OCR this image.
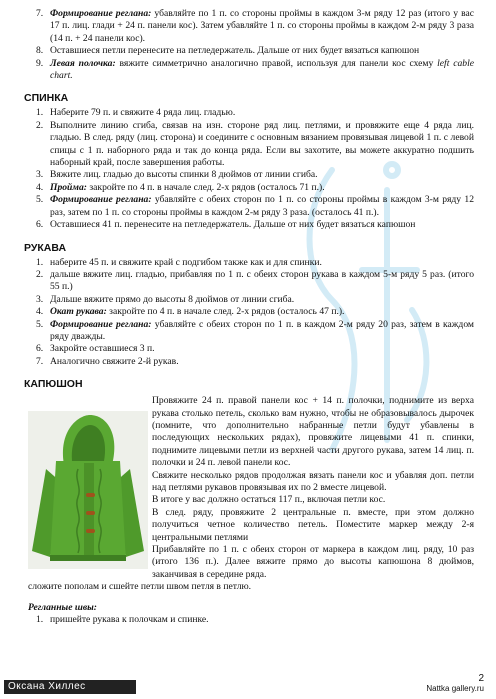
7. Формирование реглана: убавляйте по 1 п. со стороны проймы в каждом 3-м ряду 12 раз (итого у вас 17 п. лиц. глади + 24 п. панели кос). Затем убавляйте 1 п. со стороны проймы в каждом 2-м ряду 3 раза (14 п. + 24 панели кос).
8. Оставшиеся петли перенесите на петледержатель. Дальше от них будет вязаться капюшон
9. Левая полочка: вяжите симметрично аналогично правой, используя для панели кос схему left cable chart.
СПИНКА
1. Наберите 79 п. и свяжите 4 ряда лиц. гладью.
2. Выполните линию сгиба, связав на изн. стороне ряд лиц. петлями, и провяжите еще 4 ряда лиц. гладью. В след. ряду (лиц. сторона) и соедините с основным вязанием провязывая лицевой 1 п. с левой спицы с 1 п. наборного ряда и так до конца ряда. Если вы захотите, вы можете аккуратно подшить наборный край, после завершения работы.
3. Вяжите лиц. гладью до высоты спинки 8 дюймов от линии сгиба.
4. Пройма: закройте по 4 п. в начале след. 2-х рядов (осталось 71 п.).
5. Формирование реглана: убавляйте с обеих сторон по 1 п. со стороны проймы в каждом 3-м ряду 12 раз, затем по 1 п. со стороны проймы в каждом 2-м ряду 3 раза. (осталось 41 п.).
6. Оставшиеся 41 п. перенесите на петледержатель. Дальше от них будет вязаться капюшон
РУКАВА
1. наберите 45 п. и свяжите край с подгибом также как и для спинки.
2. дальше вяжите лиц. гладью, прибавляя по 1 п. с обеих сторон рукава в каждом 5-м ряду 5 раз. (итого 55 п.)
3. Дальше вяжите прямо до высоты 8 дюймов от линии сгиба.
4. Окат рукава: закройте по 4 п. в начале след. 2-х рядов (осталось 47 п.).
5. Формирование реглана: убавляйте с обеих сторон по 1 п. в каждом 2-м ряду 20 раз, затем в каждом ряду дважды.
6. Закройте оставшиеся 3 п.
7. Аналогично свяжите 2-й рукав.
КАПЮШОН

Провяжите 24 п. правой панели кос + 14 п. полочки, поднимите из верха рукава столько петель, сколько вам нужно, чтобы не образовывалось дырочек (помните, что дополнительно набранные петли будут убавлены в последующих нескольких рядах), провяжите лицевыми 41 п. спинки, поднимите лицевыми петли из верхней части другого рукава, затем 14 лиц. п. полочки и 24 п. левой панели кос.

Свяжите несколько рядов продолжая вязать панели кос и убавляя доп. петли над петлями рукавов провязывая их по 2 вместе лицевой.

В итоге у вас должно остаться 117 п., включая петли кос.

В след. ряду, провяжите 2 центральные п. вместе, при этом должно получиться четное количество петель. Поместите маркер между 2-я центральными петлями

Прибавляйте по 1 п. с обеих сторон от маркера в каждом лиц. ряду, 10 раз (итого 136 п.). Далее вяжите прямо до высоты капюшона 8 дюймов, заканчивая в середине ряда.

сложите пополам и сшейте петли швом петля в петлю.
Регланные швы:
1. пришейте рукава к полочкам и спинке.
Оксана Хиллес
2
Nattka gallery.ru
